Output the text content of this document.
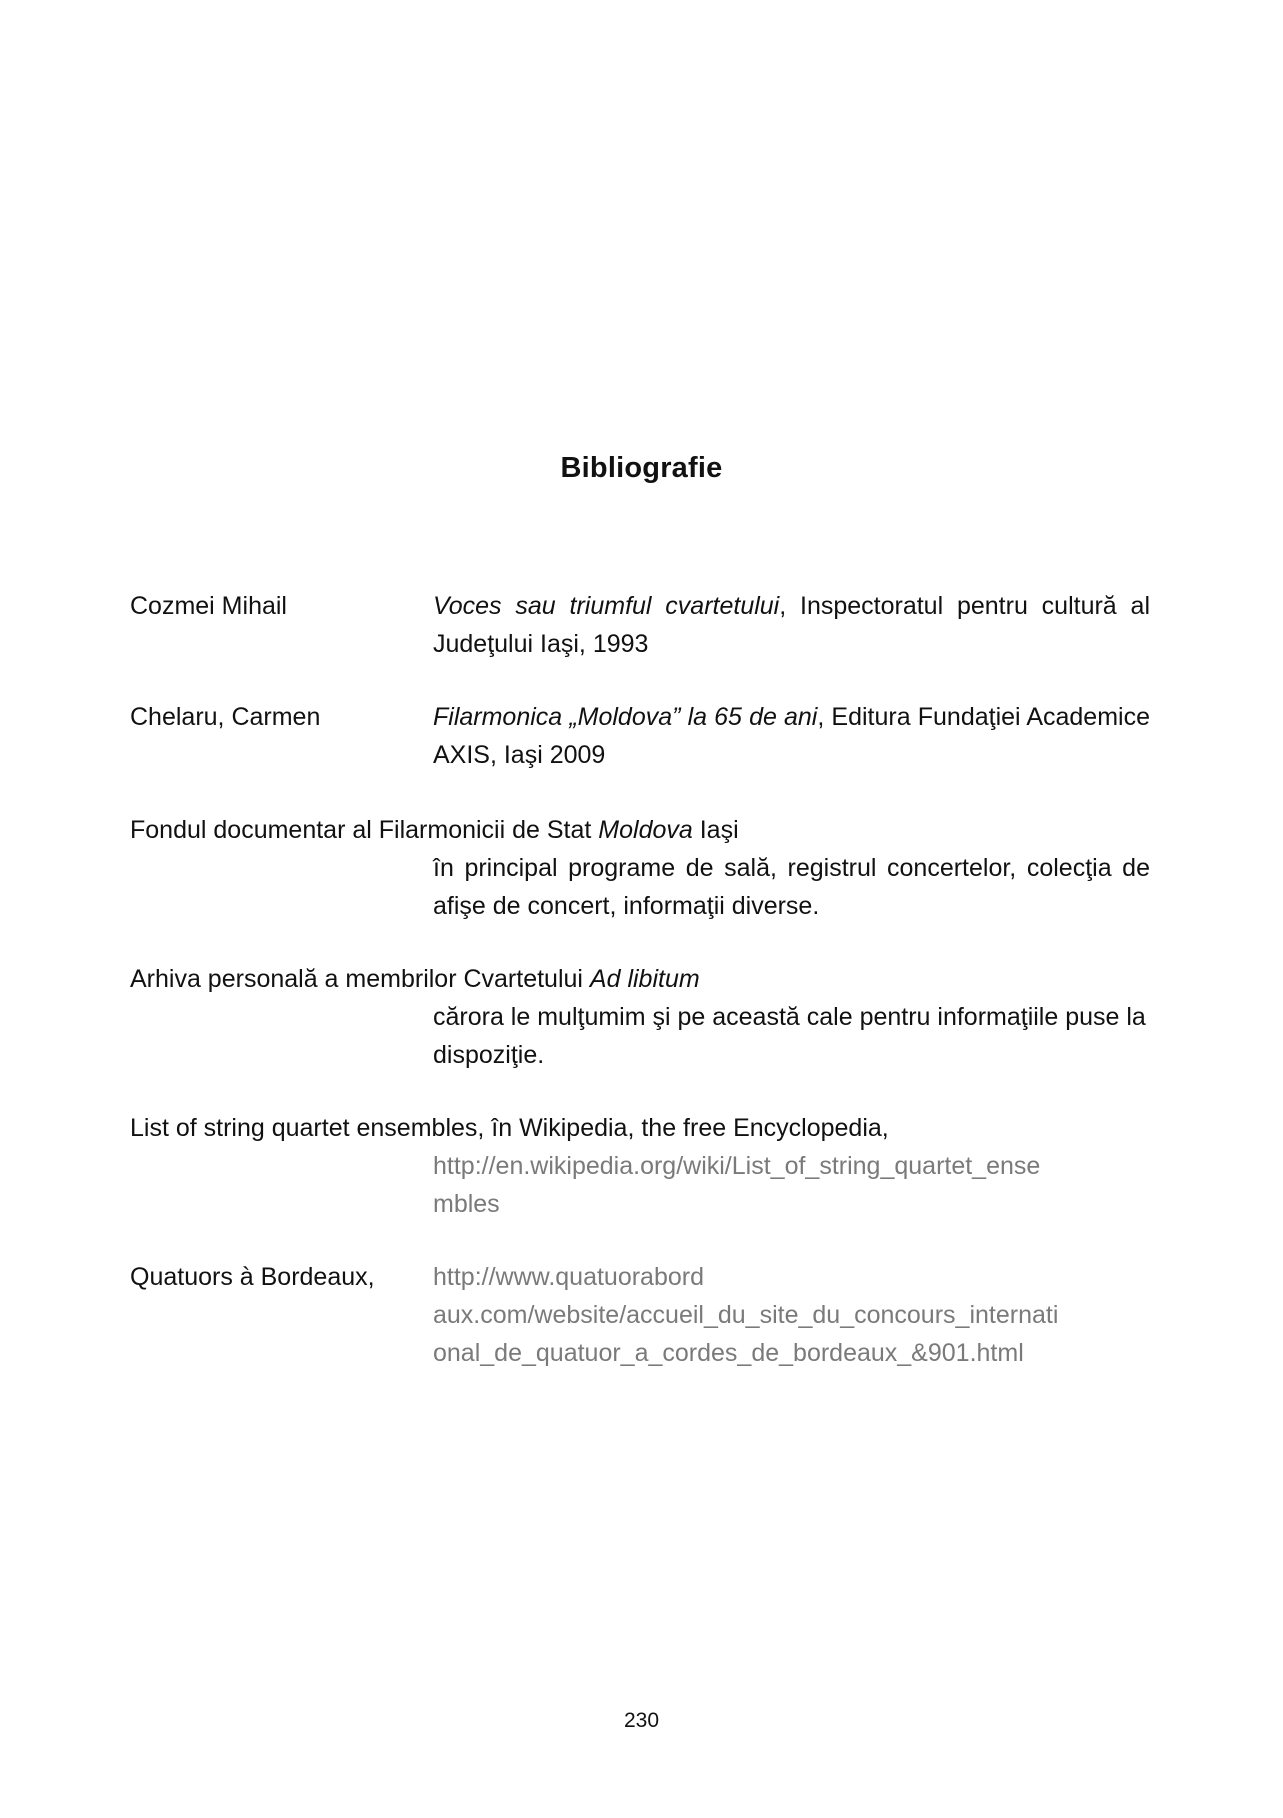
Bibliografie
Cozmei Mihail	Voces sau triumful cvartetului, Inspectoratul pentru cultură al Judeţului Iaşi, 1993
Chelaru, Carmen	Filarmonica „Moldova” la 65 de ani, Editura Fundaţiei Academice AXIS, Iaşi 2009
Fondul documentar al Filarmonicii de Stat Moldova Iaşi
în principal programe de sală, registrul concertelor, colecţia de afişe de concert, informaţii diverse.
Arhiva personală a membrilor Cvartetului Ad libitum
cărora le mulţumim şi pe această cale pentru informaţiile puse la dispoziţie.
List of string quartet ensembles, în Wikipedia, the free Encyclopedia,
http://en.wikipedia.org/wiki/List_of_string_quartet_ense
mbles
Quatuors à Bordeaux, http://www.quatuorabord
aux.com/website/accueil_du_site_du_concours_internati
onal_de_quatuor_a_cordes_de_bordeaux_&901.html
230
